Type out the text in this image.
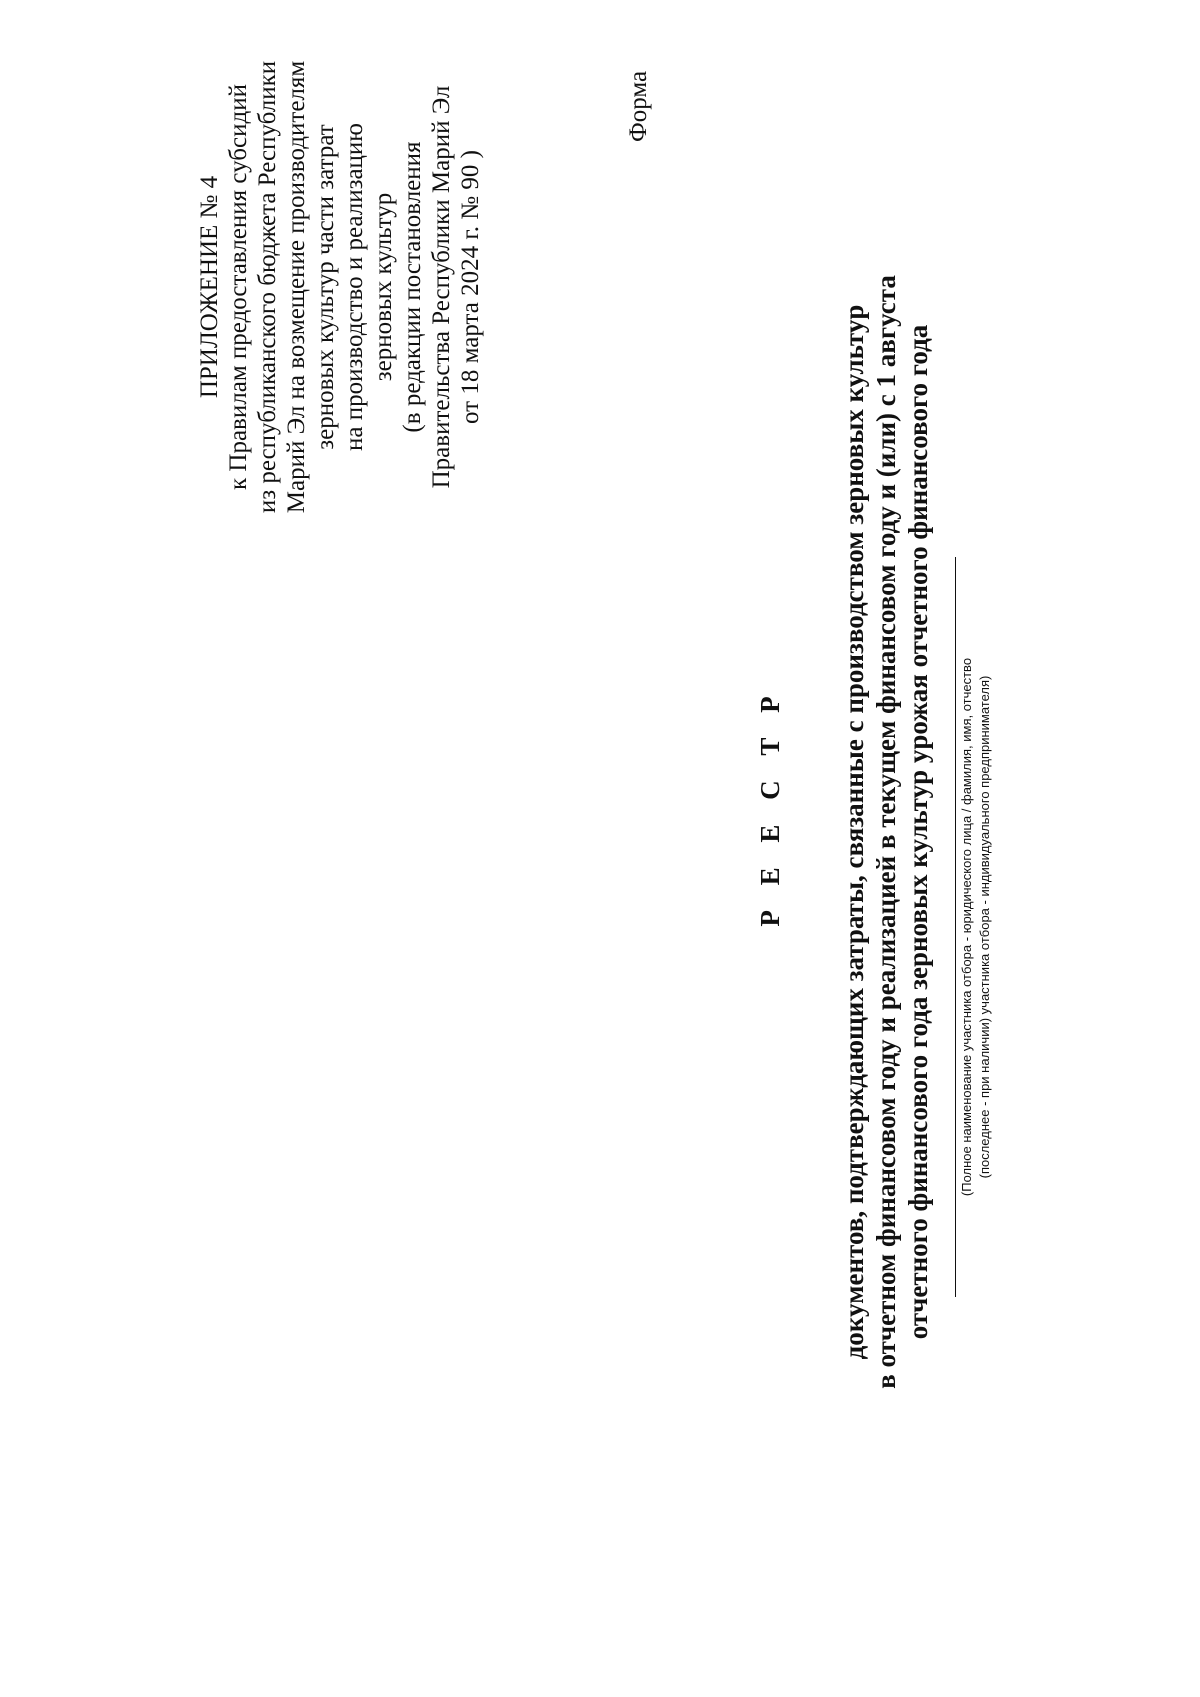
ПРИЛОЖЕНИЕ № 4 к Правилам предоставления субсидий из республиканского бюджета Республики Марий Эл на возмещение производителям зерновых культур части затрат на производство и реализацию зерновых культур (в редакции постановления Правительства Республики Марий Эл от 18 марта 2024 г. № 90 )
Форма
Р Е Е С Т Р документов, подтверждающих затраты, связанные с производством зерновых культур в отчетном финансовом году и реализацией в текущем финансовом году и (или) с 1 августа отчетного финансового года зерновых культур урожая отчетного финансового года (Полное наименование участника отбора - юридического лица / фамилия, имя, отчество (последнее - при наличии) участника отбора - индивидуального предпринимателя)
